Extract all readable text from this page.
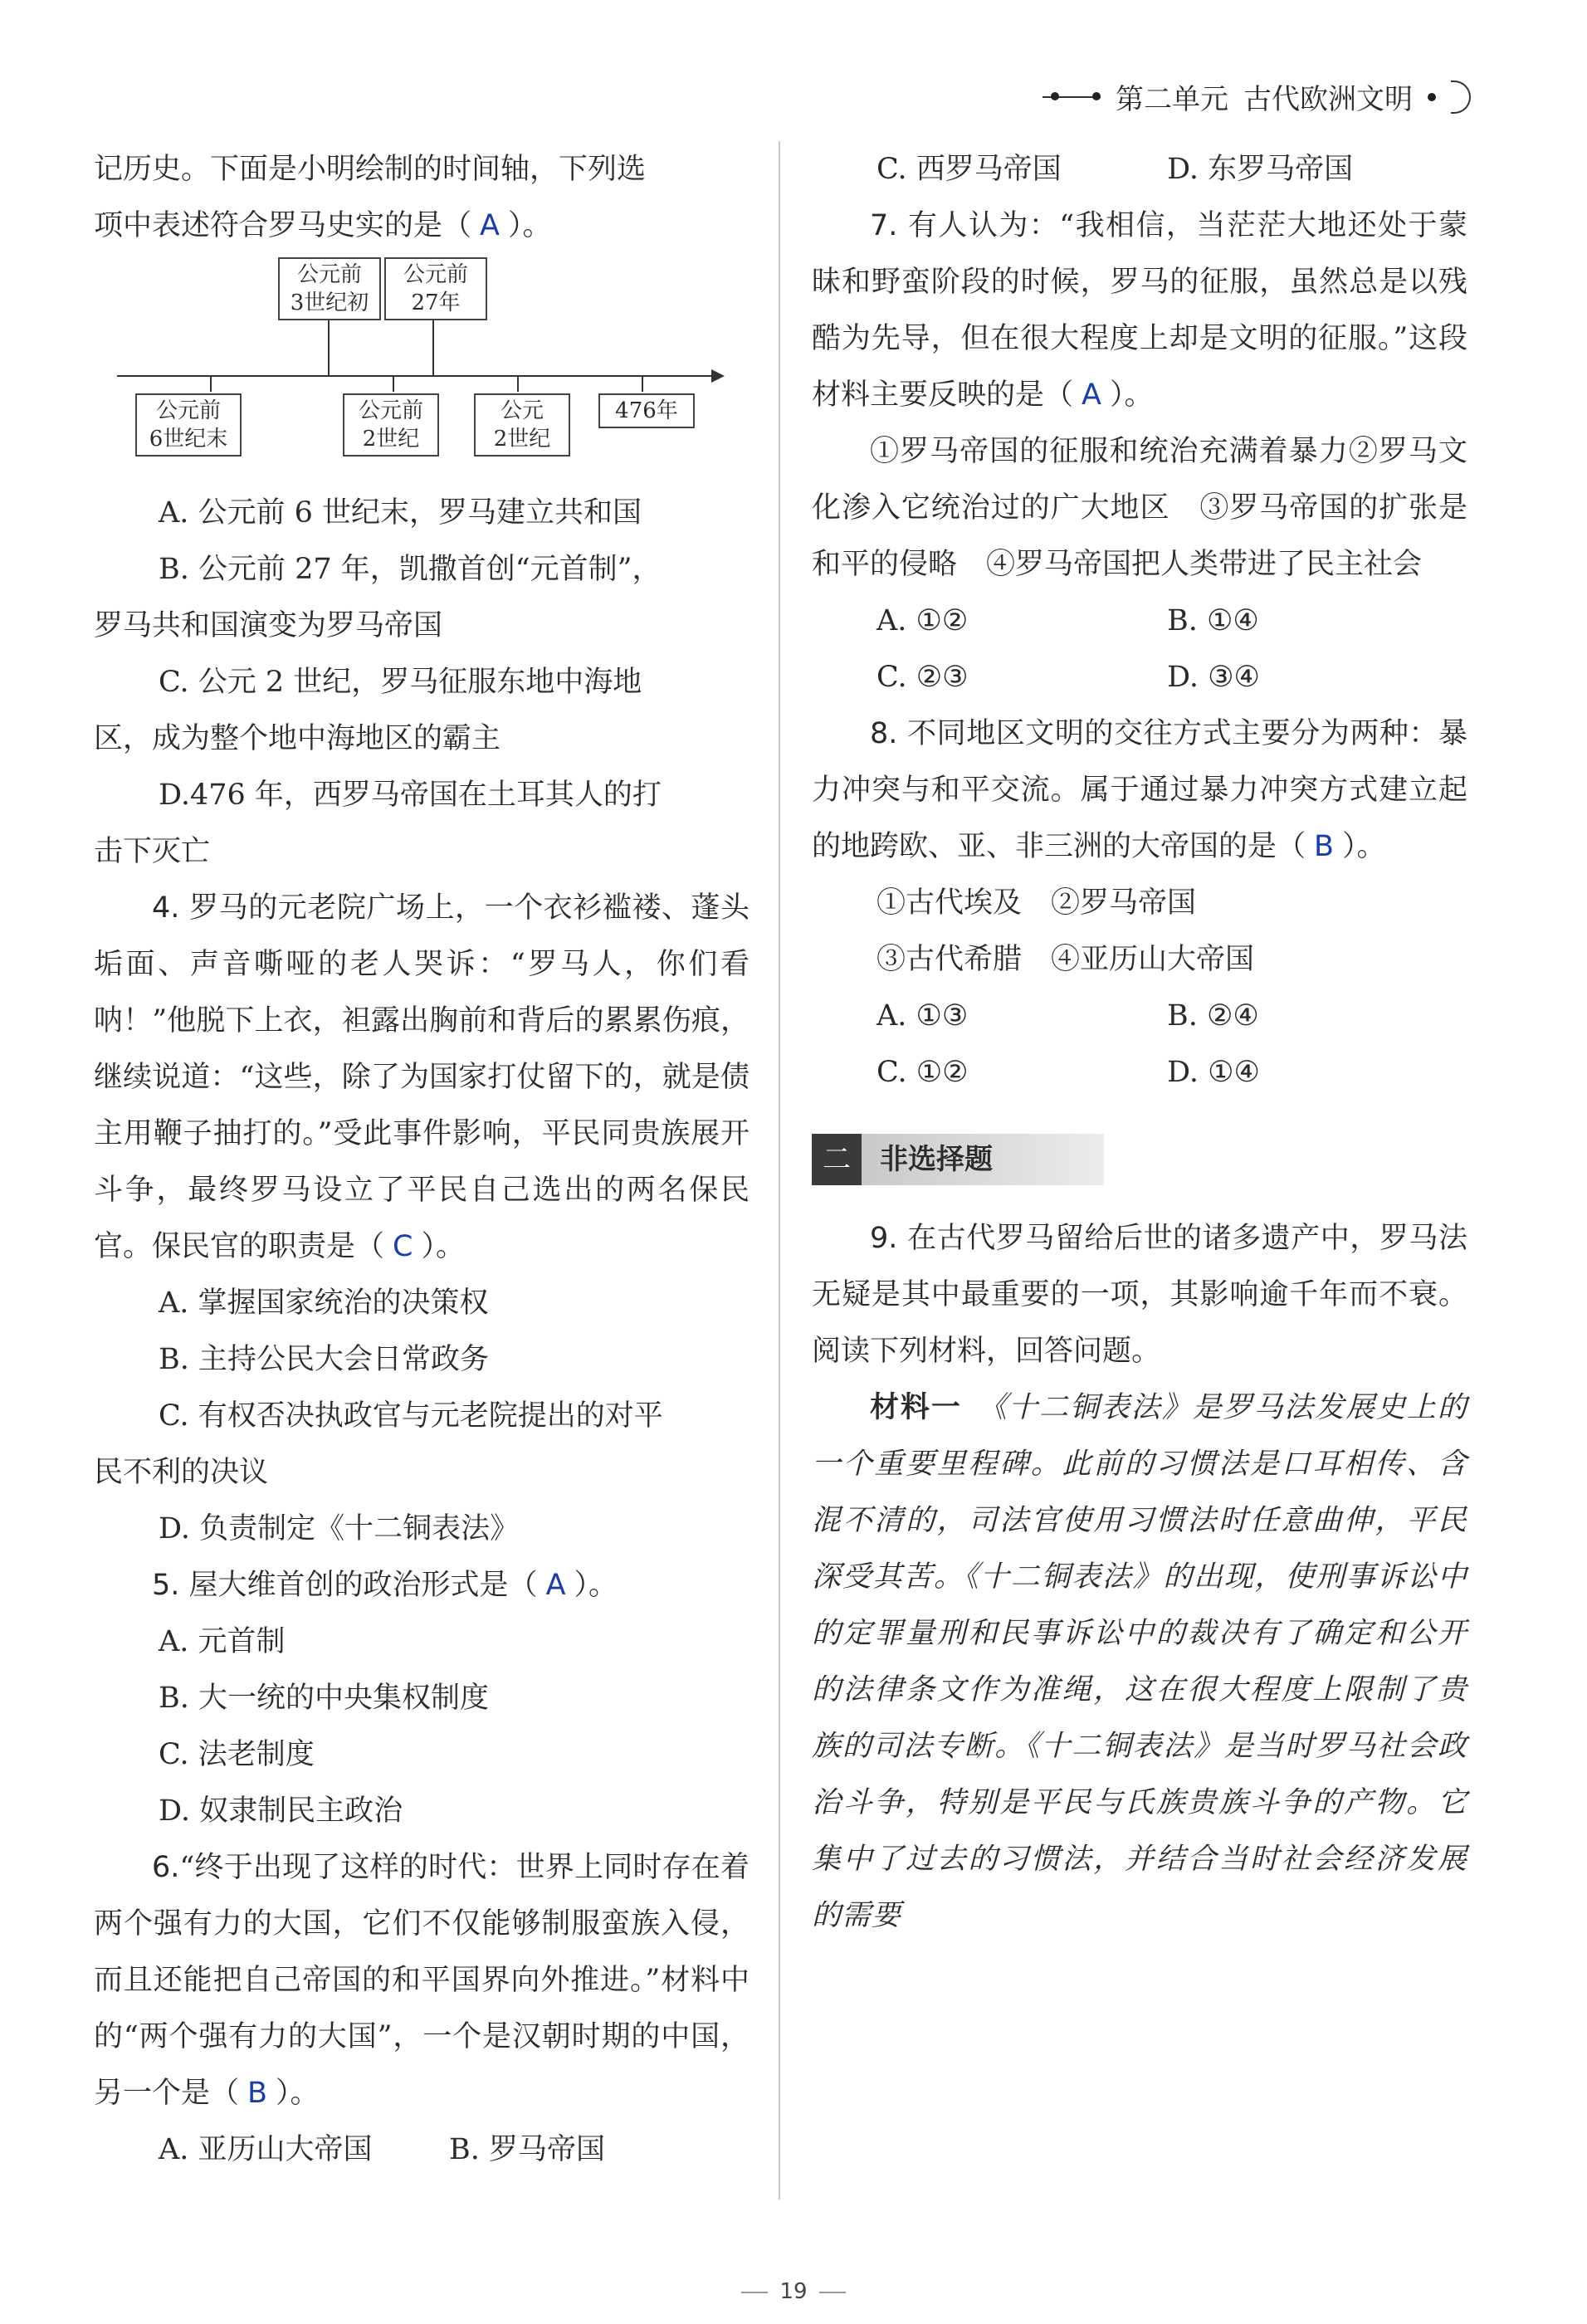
第二单元 古代欧洲文明

记历史。下面是小明绘制的时间轴，下列选

项中表述符合罗马史实的是（ A ）。

公元前
3世纪初
公元前
27年
公元前
6世纪末
公元前
2世纪
公元
2世纪
476年

A. 公元前 6 世纪末，罗马建立共和国

B. 公元前 27 年，凯撒首创“元首制”，

罗马共和国演变为罗马帝国

C. 公元 2 世纪，罗马征服东地中海地

区，成为整个地中海地区的霸主

D.476 年，西罗马帝国在土耳其人的打

击下灭亡

4. 罗马的元老院广场上，一个衣衫褴褛、蓬头垢面、声音嘶哑的老人哭诉：“罗马人，你们看呐！”他脱下上衣，袒露出胸前和背后的累累伤痕，继续说道：“这些，除了为国家打仗留下的，就是债主用鞭子抽打的。”受此事件影响，平民同贵族展开斗争，最终罗马设立了平民自己选出的两名保民官。保民官的职责是（ C ）。

A. 掌握国家统治的决策权

B. 主持公民大会日常政务

C. 有权否决执政官与元老院提出的对平

民不利的决议

D. 负责制定《十二铜表法》

5. 屋大维首创的政治形式是（ A ）。

A. 元首制

B. 大一统的中央集权制度

C. 法老制度

D. 奴隶制民主政治

6.“终于出现了这样的时代：世界上同时存在着两个强有力的大国，它们不仅能够制服蛮族入侵，而且还能把自己帝国的和平国界向外推进。”材料中的“两个强有力的大国”，一个是汉朝时期的中国，另一个是（ B ）。

A. 亚历山大帝国	B. 罗马帝国
C. 西罗马帝国	D. 东罗马帝国

7. 有人认为：“我相信，当茫茫大地还处于蒙昧和野蛮阶段的时候，罗马的征服，虽然总是以残酷为先导，但在很大程度上却是文明的征服。”这段材料主要反映的是（ A ）。

①罗马帝国的征服和统治充满着暴力②罗马文化渗入它统治过的广大地区　③罗马帝国的扩张是和平的侵略　④罗马帝国把人类带进了民主社会

A. ①②	B. ①④
C. ②③	D. ③④

8. 不同地区文明的交往方式主要分为两种：暴力冲突与和平交流。属于通过暴力冲突方式建立起的地跨欧、亚、非三洲的大帝国的是（ B ）。

①古代埃及　②罗马帝国

③古代希腊　④亚历山大帝国

A. ①③	B. ②④
C. ①②	D. ①④
二	非选择题

9. 在古代罗马留给后世的诸多遗产中，罗马法无疑是其中最重要的一项，其影响逾千年而不衰。阅读下列材料，回答问题。

材料一　 《十二铜表法》是罗马法发展史上的一个重要里程碑。此前的习惯法是口耳相传、含混不清的，司法官使用习惯法时任意曲伸，平民深受其苦。《十二铜表法》的出现，使刑事诉讼中的定罪量刑和民事诉讼中的裁决有了确定和公开的法律条文作为准绳，这在很大程度上限制了贵族的司法专断。《十二铜表法》是当时罗马社会政治斗争，特别是平民与氏族贵族斗争的产物。它集中了过去的习惯法，并结合当时社会经济发展的需要

19
